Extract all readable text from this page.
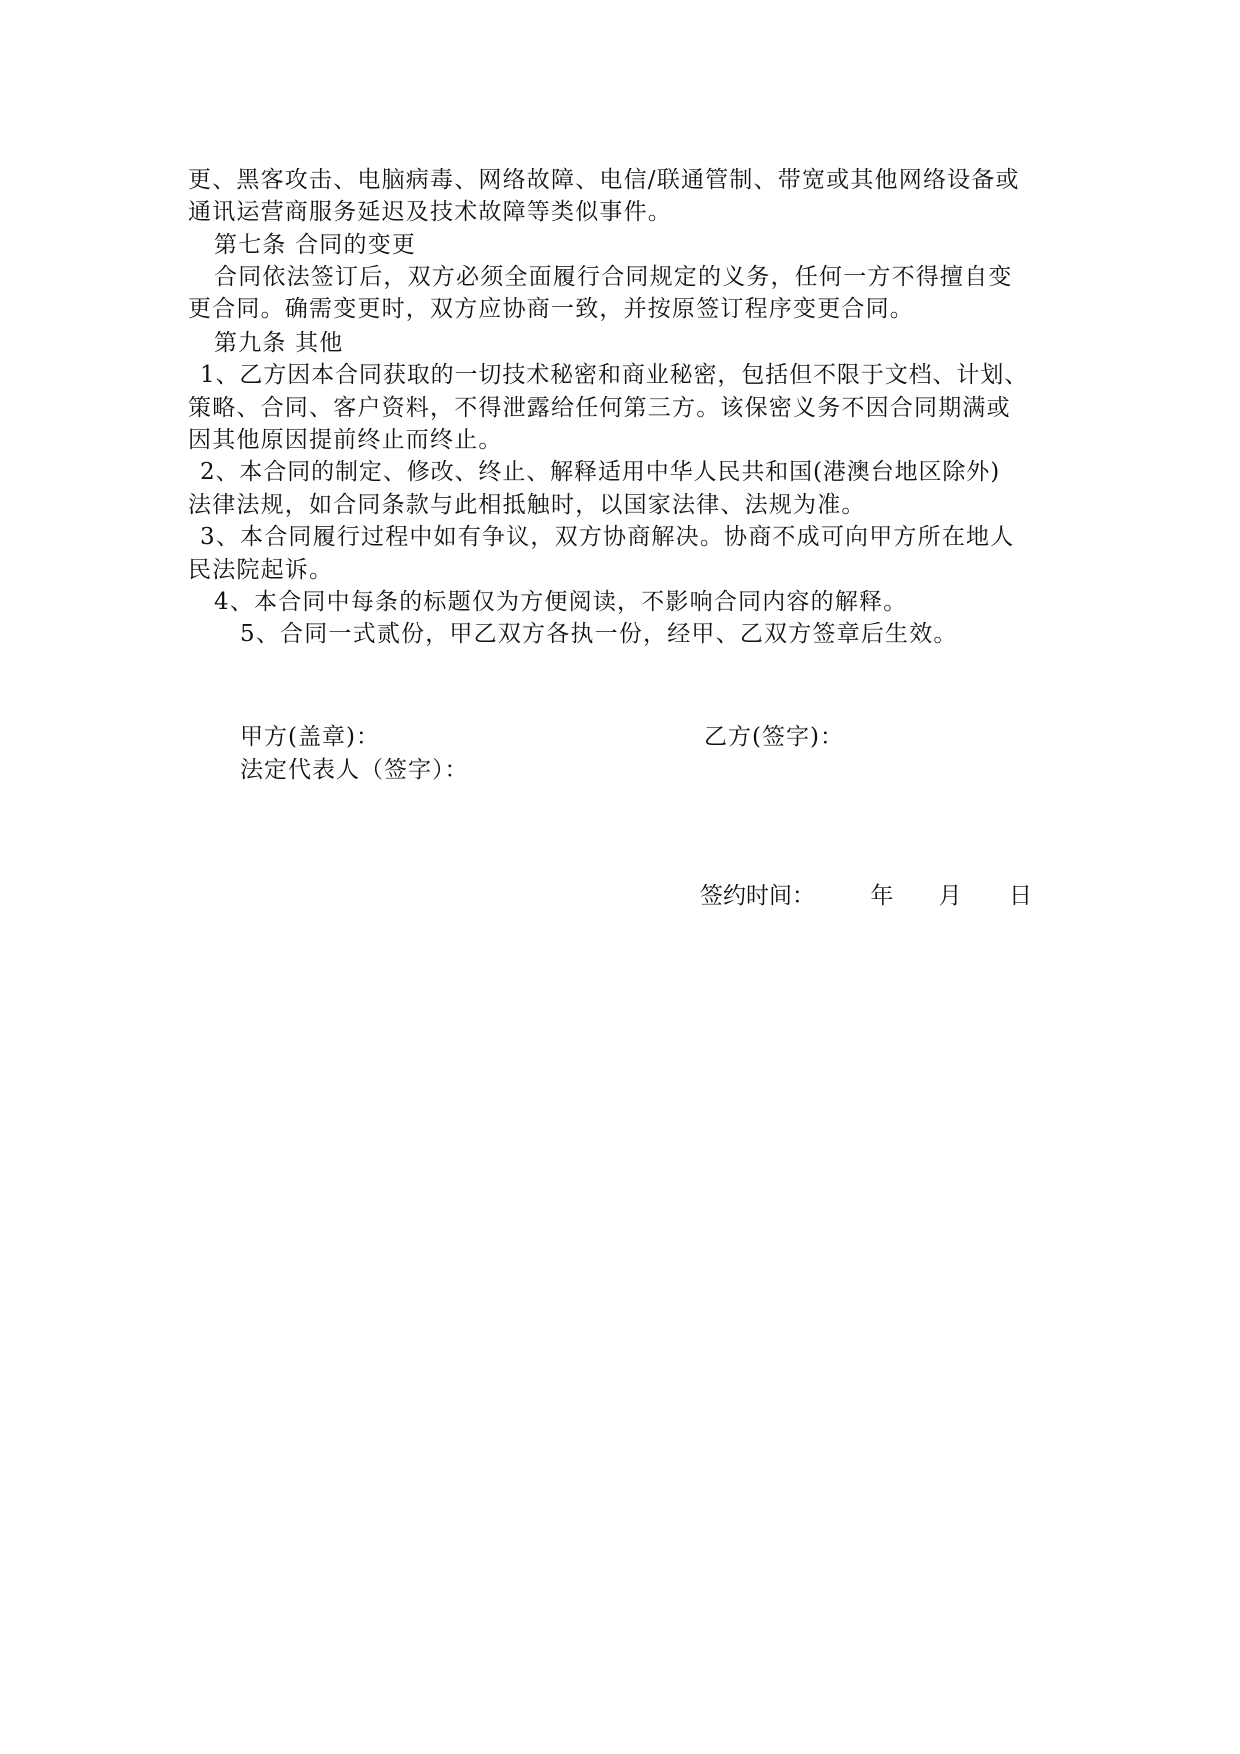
更、黑客攻击、电脑病毒、网络故障、电信/联通管制、带宽或其他网络设备或
通讯运营商服务延迟及技术故障等类似事件。
第七条 合同的变更
合同依法签订后，双方必须全面履行合同规定的义务，任何一方不得擅自变
更合同。确需变更时，双方应协商一致，并按原签订程序变更合同。
第九条 其他
1、乙方因本合同获取的一切技术秘密和商业秘密，包括但不限于文档、计划、
策略、合同、客户资料，不得泄露给任何第三方。该保密义务不因合同期满或
因其他原因提前终止而终止。
2、本合同的制定、修改、终止、解释适用中华人民共和国(港澳台地区除外)
法律法规，如合同条款与此相抵触时，以国家法律、法规为准。
3、本合同履行过程中如有争议，双方协商解决。协商不成可向甲方所在地人
民法院起诉。
4、本合同中每条的标题仅为方便阅读，不影响合同内容的解释。
5、合同一式贰份，甲乙双方各执一份，经甲、乙双方签章后生效。
甲方(盖章)：	乙方(签字)：
法定代表人（签字）：
签约时间： 年 月 日
